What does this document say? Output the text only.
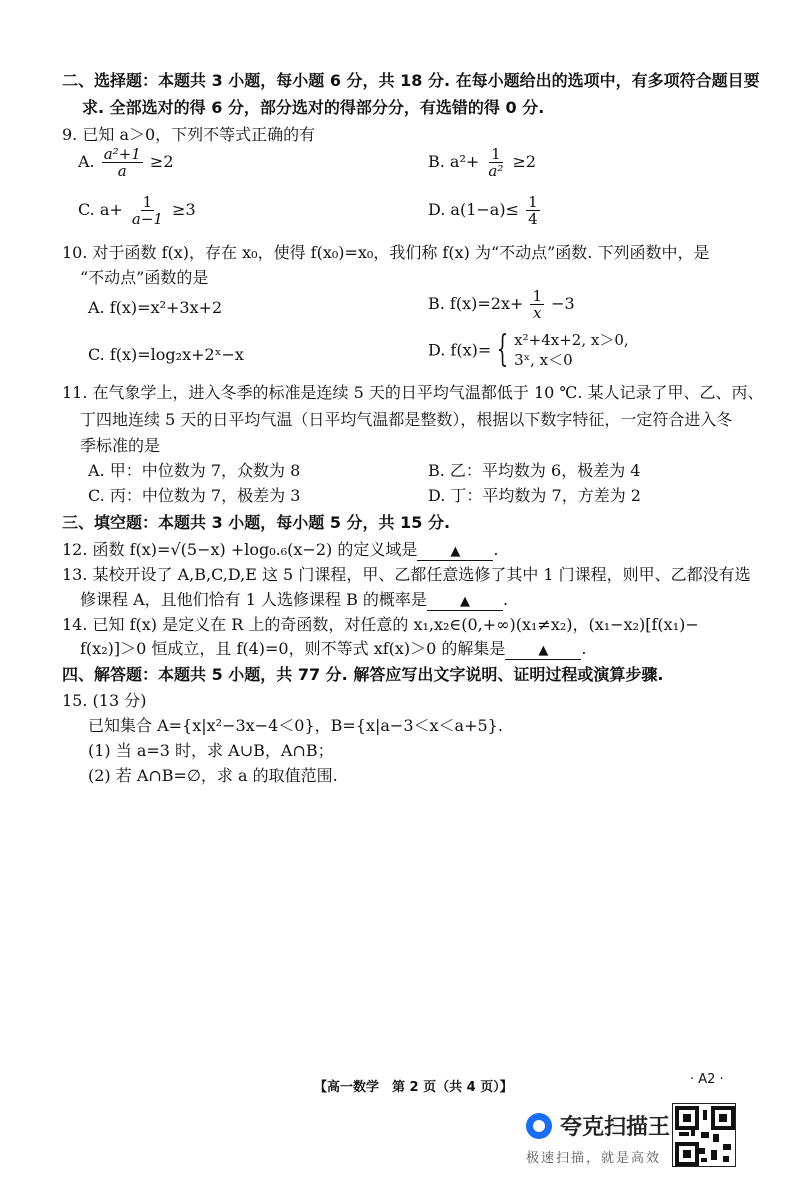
二、选择题：本题共 3 小题，每小题 6 分，共 18 分. 在每小题给出的选项中，有多项符合题目要
求. 全部选对的得 6 分，部分选对的得部分分，有选错的得 0 分.
9. 已知 a＞0，下列不等式正确的有
A. $\frac{\text{a²+1}}{a} \ge 2$	B. $a^2+ \frac{1}{\text{a²}} \ge 2$
C. $a+ \frac{1}{a-1} \ge 3$	D. $a(1-a)\le \frac{1}{4}$
10. 对于函数 f(x)，存在 x₀，使得 f(x₀)=x₀，我们称 f(x) 为“不动点”函数. 下列函数中，是
“不动点”函数的是
A. f(x)=x²+3x+2	B. $f(x)=2x+ \frac{1}{x} -3$
C. f(x)=log₂x+2ˣ−x	D. f(x)= { x²+4x+2, x＞0,
3ˣ, x＜0
11. 在气象学上，进入冬季的标准是连续 5 天的日平均气温都低于 10 ℃. 某人记录了甲、乙、丙、
丁四地连续 5 天的日平均气温（日平均气温都是整数），根据以下数字特征，一定符合进入冬
季标准的是
A. 甲：中位数为 7，众数为 8	B. 乙：平均数为 6，极差为 4
C. 丙：中位数为 7，极差为 3	D. 丁：平均数为 7，方差为 2
三、填空题：本题共 3 小题，每小题 5 分，共 15 分.
12. 函数 f(x)=√(5−x) +log₀.₆(x−2) 的定义域是	▲ .
13. 某校开设了 A,B,C,D,E 这 5 门课程，甲、乙都任意选修了其中 1 门课程，则甲、乙都没有选
修课程 A，且他们恰有 1 人选修课程 B 的概率是	▲ .
14. 已知 f(x) 是定义在 R 上的奇函数，对任意的 x₁,x₂∈(0,+∞)(x₁≠x₂)，(x₁−x₂)[f(x₁)−
f(x₂)]＞0 恒成立，且 f(4)=0，则不等式 xf(x)＞0 的解集是	▲ .
四、解答题：本题共 5 小题，共 77 分. 解答应写出文字说明、证明过程或演算步骤.
15. (13 分)
已知集合 A={x|x²−3x−4＜0}，B={x|a−3＜x＜a+5}.
(1) 当 a=3 时，求 A∪B，A∩B；
(2) 若 A∩B=∅，求 a 的取值范围.
【高一数学　第 2 页（共 4 页）】
· A2 ·
夸克扫描王
极速扫描，就是高效
